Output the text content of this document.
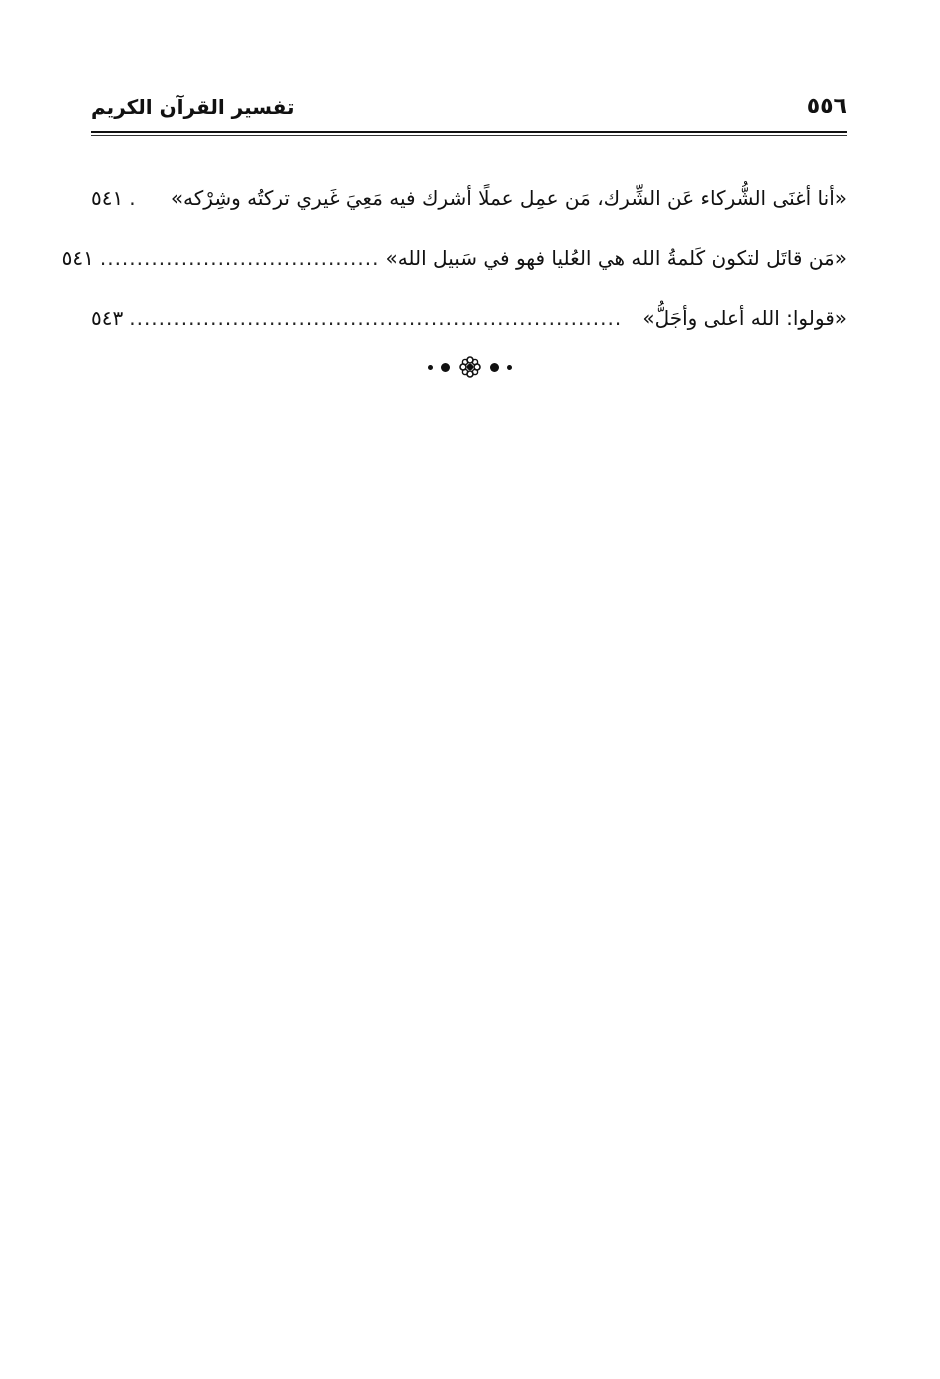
تفسير القرآن الكريم	٥٥٦
«أنا أغنَى الشُّركاء عَن الشِّرك، مَن عمِل عملًا أشرك فيه مَعِيَ غَيري تركتُه وشِرْكه»
.
٥٤١
«مَن قاتَل لتكون كَلمةُ الله هي العُليا فهو في سَبيل الله»
......................................
٥٤١
«قولوا: الله أعلى وأجَلُّ»
...................................................................
٥٤٣
